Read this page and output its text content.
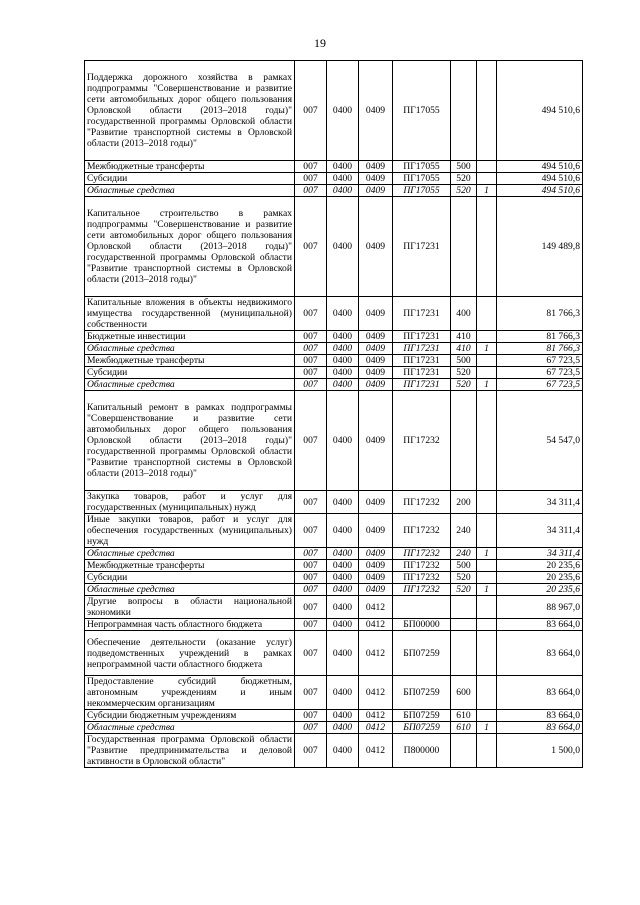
19
Поддержка дорожного хозяйства в рамках подпрограммы "Совершенствование и развитие сети автомобильных дорог общего пользования Орловской области (2013–2018 годы)" государственной программы Орловской области "Развитие транспортной системы в Орловской области (2013–2018 годы)"	007	0400	0409	ПГ17055			494 510,6
Межбюджетные трансферты	007	0400	0409	ПГ17055	500		494 510,6
Субсидии	007	0400	0409	ПГ17055	520		494 510,6
Областные средства	007	0400	0409	ПГ17055	520	1	494 510,6
Капитальное строительство в рамках подпрограммы "Совершенствование и развитие сети автомобильных дорог общего пользования Орловской области (2013–2018 годы)" государственной программы Орловской области "Развитие транспортной системы в Орловской области (2013–2018 годы)"	007	0400	0409	ПГ17231			149 489,8
Капитальные вложения в объекты недвижимого имущества государственной (муниципальной) собственности	007	0400	0409	ПГ17231	400		81 766,3
Бюджетные инвестиции	007	0400	0409	ПГ17231	410		81 766,3
Областные средства	007	0400	0409	ПГ17231	410	1	81 766,3
Межбюджетные трансферты	007	0400	0409	ПГ17231	500		67 723,5
Субсидии	007	0400	0409	ПГ17231	520		67 723,5
Областные средства	007	0400	0409	ПГ17231	520	1	67 723,5
Капитальный ремонт в рамках подпрограммы "Совершенствование и развитие сети автомобильных дорог общего пользования Орловской области (2013–2018 годы)" государственной программы Орловской области "Развитие транспортной системы в Орловской области (2013–2018 годы)"	007	0400	0409	ПГ17232			54 547,0
Закупка товаров, работ и услуг для государственных (муниципальных) нужд	007	0400	0409	ПГ17232	200		34 311,4
Иные закупки товаров, работ и услуг для обеспечения государственных (муниципальных) нужд	007	0400	0409	ПГ17232	240		34 311,4
Областные средства	007	0400	0409	ПГ17232	240	1	34 311,4
Межбюджетные трансферты	007	0400	0409	ПГ17232	500		20 235,6
Субсидии	007	0400	0409	ПГ17232	520		20 235,6
Областные средства	007	0400	0409	ПГ17232	520	1	20 235,6
Другие вопросы в области национальной экономики	007	0400	0412				88 967,0
Непрограммная часть областного бюджета	007	0400	0412	БП00000			83 664,0
Обеспечение деятельности (оказание услуг) подведомственных учреждений в рамках непрограммной части областного бюджета	007	0400	0412	БП07259			83 664,0
Предоставление субсидий бюджетным, автономным учреждениям и иным некоммерческим организациям	007	0400	0412	БП07259	600		83 664,0
Субсидии бюджетным учреждениям	007	0400	0412	БП07259	610		83 664,0
Областные средства	007	0400	0412	БП07259	610	1	83 664,0
Государственная программа Орловской области "Развитие предпринимательства и деловой активности в Орловской области"	007	0400	0412	П800000			1 500,0
